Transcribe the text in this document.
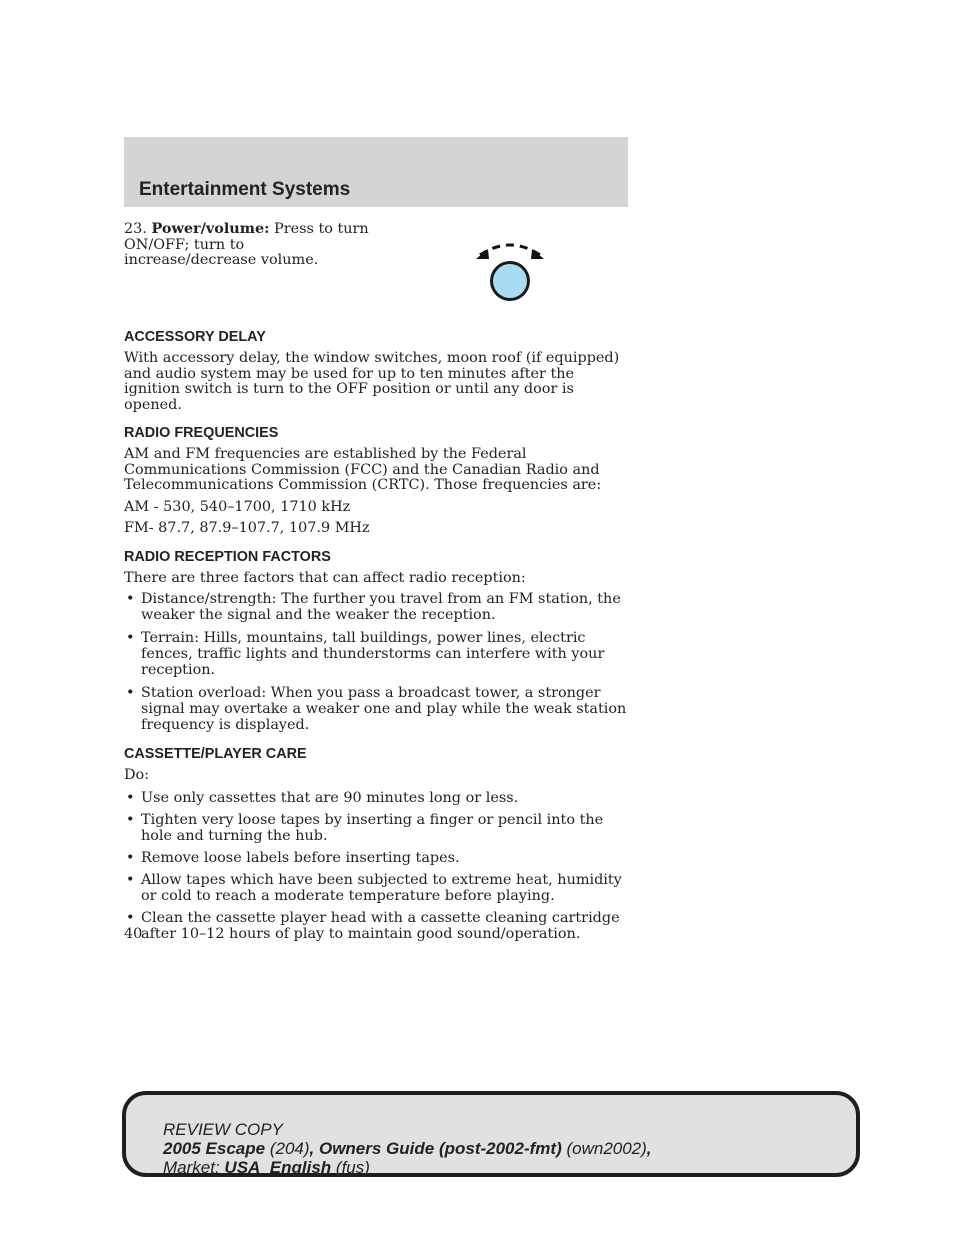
Entertainment Systems

23. Power/volume: Press to turn ON/OFF; turn to increase/decrease volume.

ACCESSORY DELAY

With accessory delay, the window switches, moon roof (if equipped) and audio system may be used for up to ten minutes after the ignition switch is turn to the OFF position or until any door is opened.

RADIO FREQUENCIES

AM and FM frequencies are established by the Federal Communications Commission (FCC) and the Canadian Radio and Telecommunications Commission (CRTC). Those frequencies are:

AM - 530, 540–1700, 1710 kHz

FM- 87.7, 87.9–107.7, 107.9 MHz

RADIO RECEPTION FACTORS

There are three factors that can affect radio reception:

• Distance/strength: The further you travel from an FM station, the weaker the signal and the weaker the reception.
• Terrain: Hills, mountains, tall buildings, power lines, electric fences, traffic lights and thunderstorms can interfere with your reception.
• Station overload: When you pass a broadcast tower, a stronger signal may overtake a weaker one and play while the weak station frequency is displayed.
CASSETTE/PLAYER CARE

Do:

• Use only cassettes that are 90 minutes long or less.
• Tighten very loose tapes by inserting a finger or pencil into the hole and turning the hub.
• Remove loose labels before inserting tapes.
• Allow tapes which have been subjected to extreme heat, humidity or cold to reach a moderate temperature before playing.
• Clean the cassette player head with a cassette cleaning cartridge after 10–12 hours of play to maintain good sound/operation.
40
REVIEW COPY
2005 Escape (204), Owners Guide (post-2002-fmt) (own2002),
Market: USA_English (fus)
